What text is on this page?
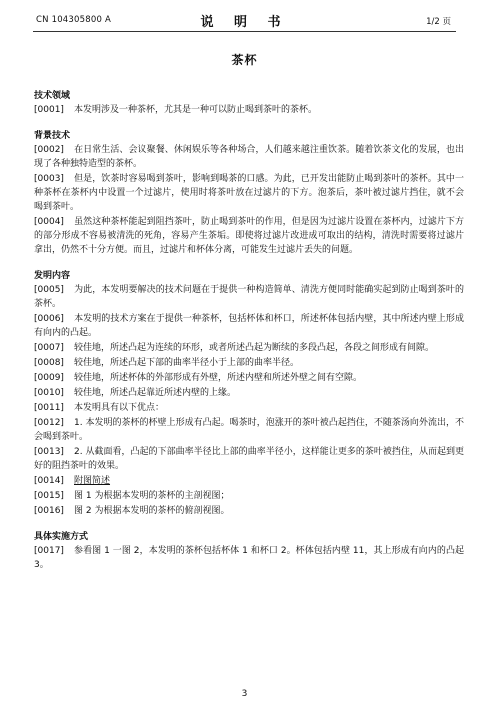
CN 104305800 A	说 明 书	1/2 页
茶杯
技术领域
[0001] 本发明涉及一种茶杯，尤其是一种可以防止喝到茶叶的茶杯。
背景技术
[0002] 在日常生活、会议聚餐、休闲娱乐等各种场合，人们越来越注重饮茶。随着饮茶文化的发展，也出现了各种独特造型的茶杯。
[0003] 但是，饮茶时容易喝到茶叶，影响到喝茶的口感。为此，已开发出能防止喝到茶叶的茶杯。其中一种茶杯在茶杯内中设置一个过滤片，使用时将茶叶放在过滤片的下方。泡茶后，茶叶被过滤片挡住，就不会喝到茶叶。
[0004] 虽然这种茶杯能起到阻挡茶叶，防止喝到茶叶的作用，但是因为过滤片设置在茶杯内，过滤片下方的部分形成不容易被清洗的死角，容易产生茶垢。即使将过滤片改进成可取出的结构，清洗时需要将过滤片拿出，仍然不十分方便。而且，过滤片和杯体分离，可能发生过滤片丢失的问题。
发明内容
[0005] 为此，本发明要解决的技术问题在于提供一种构造简单、清洗方便同时能确实起到防止喝到茶叶的茶杯。
[0006] 本发明的技术方案在于提供一种茶杯，包括杯体和杯口，所述杯体包括内壁，其中所述内壁上形成有向内的凸起。
[0007] 较佳地，所述凸起为连续的环形，或者所述凸起为断续的多段凸起，各段之间形成有间隙。
[0008] 较佳地，所述凸起下部的曲率半径小于上部的曲率半径。
[0009] 较佳地，所述杯体的外部形成有外壁，所述内壁和所述外壁之间有空隙。
[0010] 较佳地，所述凸起靠近所述内壁的上缘。
[0011] 本发明具有以下优点：
[0012] 1. 本发明的茶杯的杯壁上形成有凸起。喝茶时，泡涨开的茶叶被凸起挡住，不随茶汤向外流出，不会喝到茶叶。
[0013] 2. 从截面看，凸起的下部曲率半径比上部的曲率半径小，这样能让更多的茶叶被挡住，从而起到更好的阻挡茶叶的效果。
[0014] 附图简述
[0015] 图 1 为根据本发明的茶杯的主剖视图；
[0016] 图 2 为根据本发明的茶杯的俯剖视图。
具体实施方式
[0017] 参看图 1 一图 2，本发明的茶杯包括杯体 1 和杯口 2。杯体包括内壁 11，其上形成有向内的凸起 3。
3
